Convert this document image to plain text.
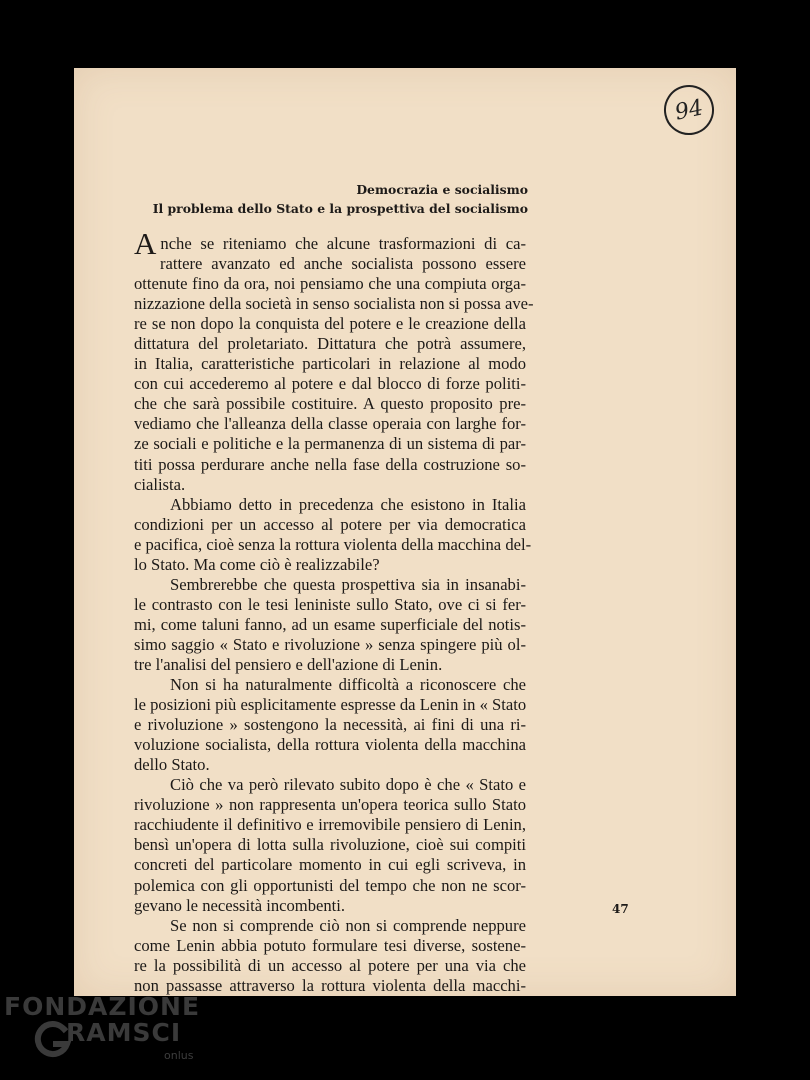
94
Democrazia e socialismo
Il problema dello Stato e la prospettiva del socialismo
Anche se riteniamo che alcune trasformazioni di ca-
rattere avanzato ed anche socialista possono essere
ottenute fino da ora, noi pensiamo che una compiuta orga-
nizzazione della società in senso socialista non si possa ave-
re se non dopo la conquista del potere e le creazione della
dittatura del proletariato. Dittatura che potrà assumere,
in Italia, caratteristiche particolari in relazione al modo
con cui accederemo al potere e dal blocco di forze politi-
che che sarà possibile costituire. A questo proposito pre-
vediamo che l'alleanza della classe operaia con larghe for-
ze sociali e politiche e la permanenza di un sistema di par-
titi possa perdurare anche nella fase della costruzione so-
cialista.
Abbiamo detto in precedenza che esistono in Italia
condizioni per un accesso al potere per via democratica
e pacifica, cioè senza la rottura violenta della macchina del-
lo Stato. Ma come ciò è realizzabile?
Sembrerebbe che questa prospettiva sia in insanabi-
le contrasto con le tesi leniniste sullo Stato, ove ci si fer-
mi, come taluni fanno, ad un esame superficiale del notis-
simo saggio « Stato e rivoluzione » senza spingere più ol-
tre l'analisi del pensiero e dell'azione di Lenin.
Non si ha naturalmente difficoltà a riconoscere che
le posizioni più esplicitamente espresse da Lenin in « Stato
e rivoluzione » sostengono la necessità, ai fini di una ri-
voluzione socialista, della rottura violenta della macchina
dello Stato.
Ciò che va però rilevato subito dopo è che « Stato e
rivoluzione » non rappresenta un'opera teorica sullo Stato
racchiudente il definitivo e irremovibile pensiero di Lenin,
bensì un'opera di lotta sulla rivoluzione, cioè sui compiti
concreti del particolare momento in cui egli scriveva, in
polemica con gli opportunisti del tempo che non ne scor-
gevano le necessità incombenti.
Se non si comprende ciò non si comprende neppure
come Lenin abbia potuto formulare tesi diverse, sostene-
re la possibilità di un accesso al potere per una via che
non passasse attraverso la rottura violenta della macchi-
47
FONDAZIONE
RAMSCI
onlus
